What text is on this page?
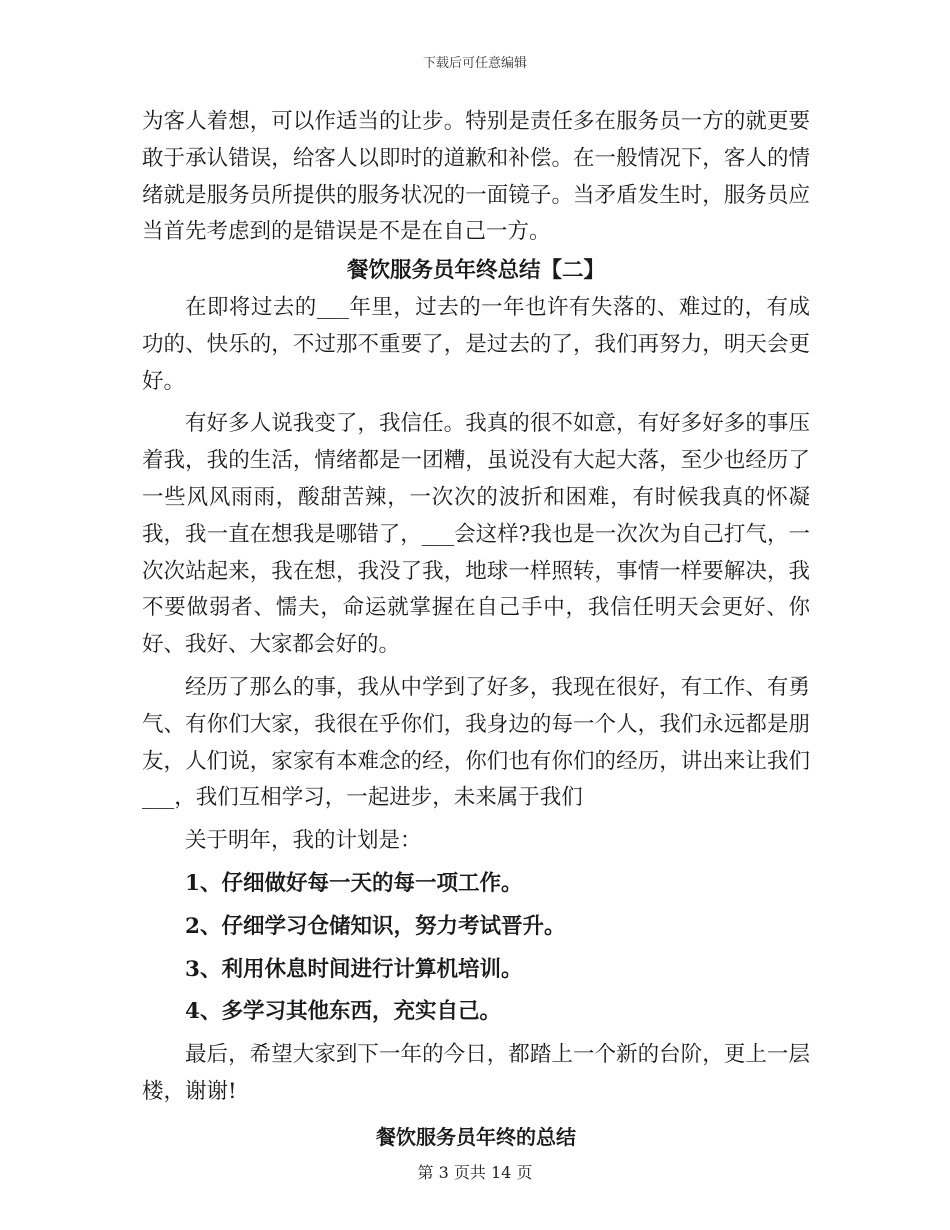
下载后可任意编辑

为客人着想，可以作适当的让步。特别是责任多在服务员一方的就更要敢于承认错误，给客人以即时的道歉和补偿。在一般情况下，客人的情绪就是服务员所提供的服务状况的一面镜子。当矛盾发生时，服务员应当首先考虑到的是错误是不是在自己一方。

餐饮服务员年终总结【二】

在即将过去的___年里，过去的一年也许有失落的、难过的，有成功的、快乐的，不过那不重要了，是过去的了，我们再努力，明天会更好。

有好多人说我变了，我信任。我真的很不如意，有好多好多的事压着我，我的生活，情绪都是一团糟，虽说没有大起大落，至少也经历了一些风风雨雨，酸甜苦辣，一次次的波折和困难，有时候我真的怀凝我，我一直在想我是哪错了，___会这样?我也是一次次为自己打气，一次次站起来，我在想，我没了我，地球一样照转，事情一样要解决，我不要做弱者、懦夫，命运就掌握在自己手中，我信任明天会更好、你好、我好、大家都会好的。

经历了那么的事，我从中学到了好多，我现在很好，有工作、有勇气、有你们大家，我很在乎你们，我身边的每一个人，我们永远都是朋友，人们说，家家有本难念的经，你们也有你们的经历，讲出来让我们___，我们互相学习，一起进步，未来属于我们

关于明年，我的计划是：

1、仔细做好每一天的每一项工作。

2、仔细学习仓储知识，努力考试晋升。

3、利用休息时间进行计算机培训。

4、多学习其他东西，充实自己。

最后，希望大家到下一年的今日，都踏上一个新的台阶，更上一层楼，谢谢!

餐饮服务员年终的总结

第 3 页共 14 页
